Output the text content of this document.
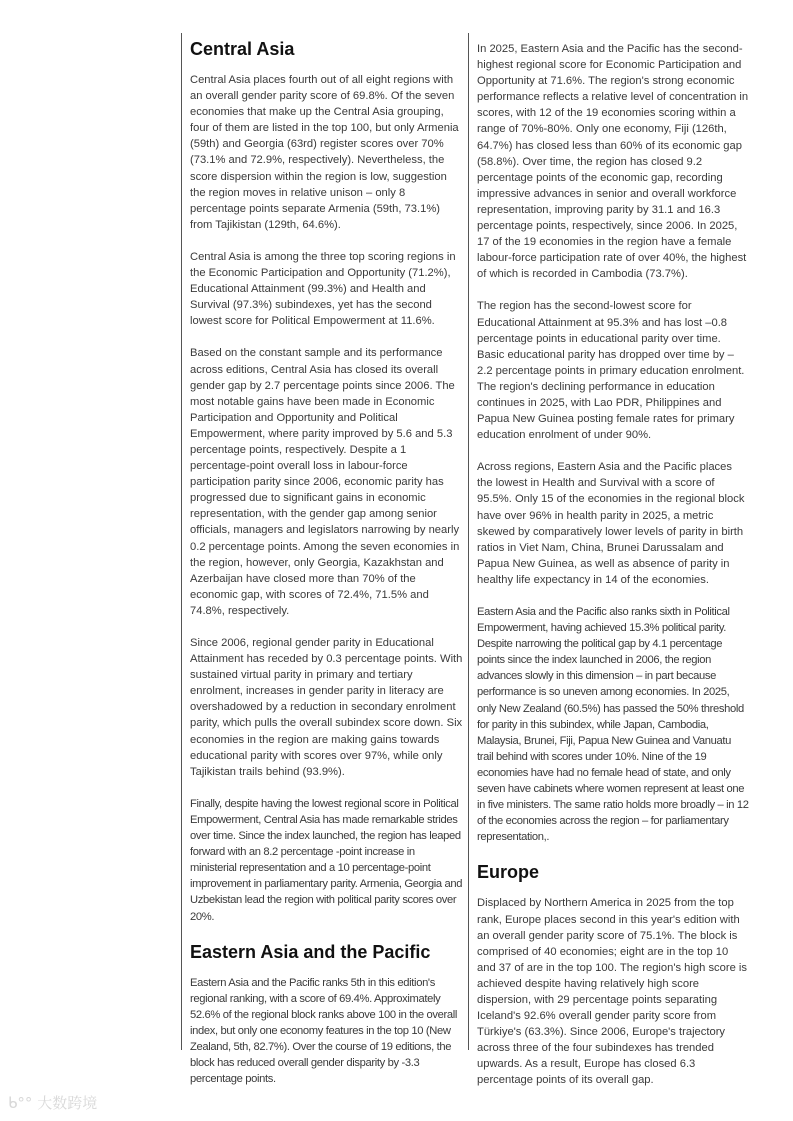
Central Asia

Central Asia places fourth out of all eight regions with an overall gender parity score of 69.8%. Of the seven economies that make up the Central Asia grouping, four of them are listed in the top 100, but only Armenia (59th) and Georgia (63rd) register scores over 70% (73.1% and 72.9%, respectively). Nevertheless, the score dispersion within the region is low, suggestion the region moves in relative unison – only 8 percentage points separate Armenia (59th, 73.1%) from Tajikistan (129th, 64.6%).

Central Asia is among the three top scoring regions in the Economic Participation and Opportunity (71.2%), Educational Attainment (99.3%) and Health and Survival (97.3%) subindexes, yet has the second lowest score for Political Empowerment at 11.6%.

Based on the constant sample and its performance across editions, Central Asia has closed its overall gender gap by 2.7 percentage points since 2006. The most notable gains have been made in Economic Participation and Opportunity and Political Empowerment, where parity improved by 5.6 and 5.3 percentage points, respectively. Despite a 1 percentage-point overall loss in labour-force participation parity since 2006, economic parity has progressed due to significant gains in economic representation, with the gender gap among senior officials, managers and legislators narrowing by nearly 0.2 percentage points. Among the seven economies in the region, however, only Georgia, Kazakhstan and Azerbaijan have closed more than 70% of the economic gap, with scores of 72.4%, 71.5% and 74.8%, respectively.

Since 2006, regional gender parity in Educational Attainment has receded by 0.3 percentage points. With sustained virtual parity in primary and tertiary enrolment, increases in gender parity in literacy are overshadowed by a reduction in secondary enrolment parity, which pulls the overall subindex score down. Six economies in the region are making gains towards educational parity with scores over 97%, while only Tajikistan trails behind (93.9%).

Finally, despite having the lowest regional score in Political Empowerment, Central Asia has made remarkable strides over time. Since the index launched, the region has leaped forward with an 8.2 percentage -point increase in ministerial representation and a 10 percentage-point improvement in parliamentary parity. Armenia, Georgia and Uzbekistan lead the region with political parity scores over 20%.

Eastern Asia and the Pacific

Eastern Asia and the Pacific ranks 5th in this edition's regional ranking, with a score of 69.4%. Approximately 52.6% of the regional block ranks above 100 in the overall index, but only one economy features in the top 10 (New Zealand, 5th, 82.7%). Over the course of 19 editions, the block has reduced overall gender disparity by -3.3 percentage points.

In 2025, Eastern Asia and the Pacific has the second-highest regional score for Economic Participation and Opportunity at 71.6%. The region's strong economic performance reflects a relative level of concentration in scores, with 12 of the 19 economies scoring within a range of 70%-80%. Only one economy, Fiji (126th, 64.7%) has closed less than 60% of its economic gap (58.8%). Over time, the region has closed 9.2 percentage points of the economic gap, recording impressive advances in senior and overall workforce representation, improving parity by 31.1 and 16.3 percentage points, respectively, since 2006. In 2025, 17 of the 19 economies in the region have a female labour-force participation rate of over 40%, the highest of which is recorded in Cambodia (73.7%).

The region has the second-lowest score for Educational Attainment at 95.3% and has lost –0.8 percentage points in educational parity over time. Basic educational parity has dropped over time by –2.2 percentage points in primary education enrolment. The region's declining performance in education continues in 2025, with Lao PDR, Philippines and Papua New Guinea posting female rates for primary education enrolment of under 90%.

Across regions, Eastern Asia and the Pacific places the lowest in Health and Survival with a score of 95.5%. Only 15 of the economies in the regional block have over 96% in health parity in 2025, a metric skewed by comparatively lower levels of parity in birth ratios in Viet Nam, China, Brunei Darussalam and Papua New Guinea, as well as absence of parity in healthy life expectancy in 14 of the economies.

Eastern Asia and the Pacific also ranks sixth in Political Empowerment, having achieved 15.3% political parity. Despite narrowing the political gap by 4.1 percentage points since the index launched in 2006, the region advances slowly in this dimension – in part because performance is so uneven among economies. In 2025, only New Zealand (60.5%) has passed the 50% threshold for parity in this subindex, while Japan, Cambodia, Malaysia, Brunei, Fiji, Papua New Guinea and Vanuatu trail behind with scores under 10%. Nine of the 19 economies have had no female head of state, and only seven have cabinets where women represent at least one in five ministers. The same ratio holds more broadly – in 12 of the economies across the region – for parliamentary representation,.

Europe

Displaced by Northern America in 2025 from the top rank, Europe places second in this year's edition with an overall gender parity score of 75.1%. The block is comprised of 40 economies; eight are in the top 10 and 37 of are in the top 100. The region's high score is achieved despite having relatively high score dispersion, with 29 percentage points separating Iceland's 92.6% overall gender parity score from Türkiye's (63.3%). Since 2006, Europe's trajectory across three of the four subindexes has trended upwards. As a result, Europe has closed 6.3 percentage points of its overall gap.

ᑲ°° 大数跨境
